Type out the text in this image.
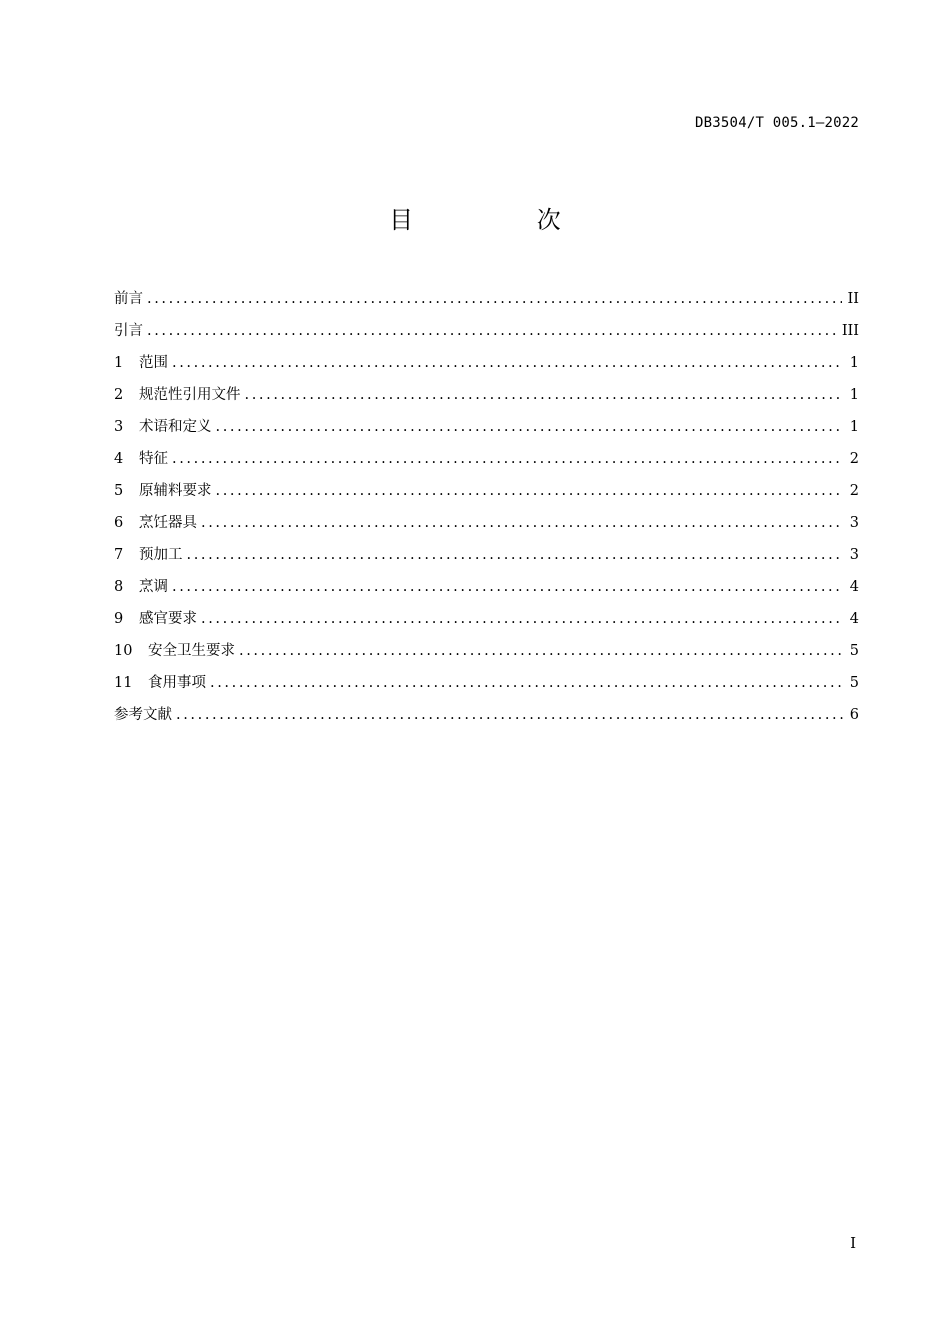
DB3504/T 005.1—2022
目 次
前言 .....	II
引言 .....	III
1	范围 .....	1
2	规范性引用文件 .....	1
3	术语和定义 .....	1
4	特征 .....	2
5	原辅料要求 .....	2
6	烹饪器具 .....	3
7	预加工 .....	3
8	烹调 .....	4
9	感官要求 .....	4
10	安全卫生要求 .....	5
11	食用事项 .....	5
参考文献 .....	6
I
